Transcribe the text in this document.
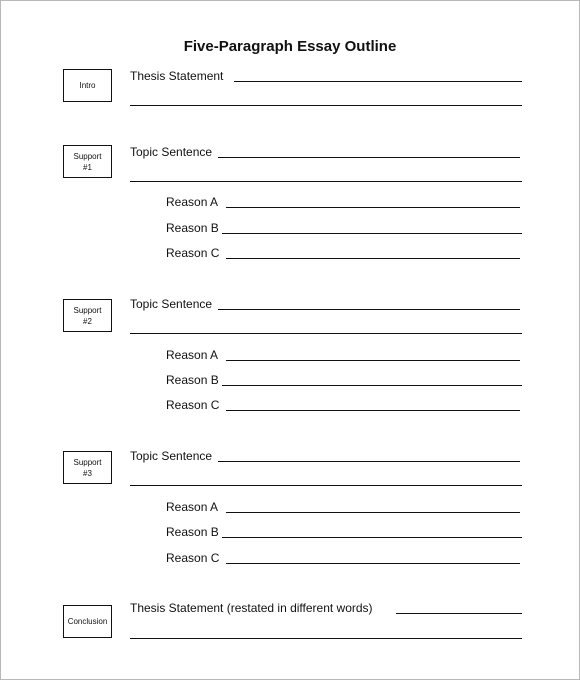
Five-Paragraph Essay Outline
Intro
Thesis Statement
Support
#1
Topic Sentence
Reason A
Reason B
Reason C
Support
#2
Topic Sentence
Reason A
Reason B
Reason C
Support
#3
Topic Sentence
Reason A
Reason B
Reason C
Conclusion
Thesis Statement (restated in different words)
